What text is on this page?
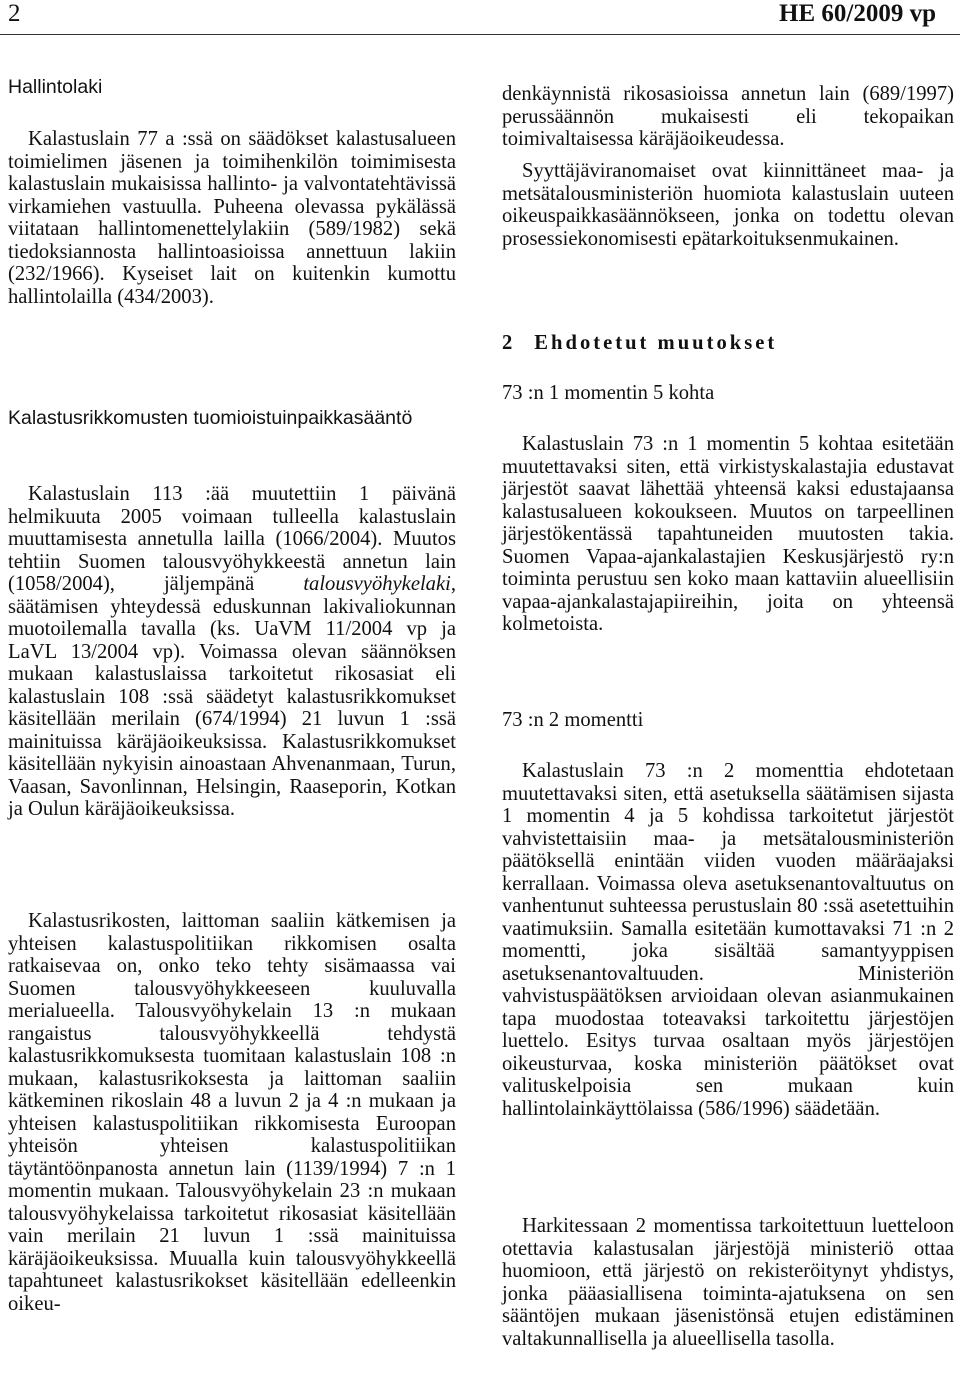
2	HE 60/2009 vp
Hallintolaki

Kalastuslain 77 a :ssä on säädökset kalastusalueen toimielimen jäsenen ja toimihenkilön toimimisesta kalastuslain mukaisissa hallinto- ja valvontatehtävissä virkamiehen vastuulla. Puheena olevassa pykälässä viitataan hallintomenettelylakiin (589/1982) sekä tiedoksiannosta hallintoasioissa annettuun lakiin (232/1966). Kyseiset lait on kuitenkin kumottu hallintolailla (434/2003).

Kalastusrikkomusten tuomioistuinpaikkasääntö

Kalastuslain 113 :ää muutettiin 1 päivänä helmikuuta 2005 voimaan tulleella kalastuslain muuttamisesta annetulla lailla (1066/2004). Muutos tehtiin Suomen talousvyöhykkeestä annetun lain (1058/2004), jäljempänä talousvyöhykelaki, säätämisen yhteydessä eduskunnan lakivaliokunnan muotoilemalla tavalla (ks. UaVM 11/2004 vp ja LaVL 13/2004 vp). Voimassa olevan säännöksen mukaan kalastuslaissa tarkoitetut rikosasiat eli kalastuslain 108 :ssä säädetyt kalastusrikkomukset käsitellään merilain (674/1994) 21 luvun 1 :ssä mainituissa käräjäoikeuksissa. Kalastusrikkomukset käsitellään nykyisin ainoastaan Ahvenanmaan, Turun, Vaasan, Savonlinnan, Helsingin, Raaseporin, Kotkan ja Oulun käräjäoikeuksissa.

Kalastusrikosten, laittoman saaliin kätkemisen ja yhteisen kalastuspolitiikan rikkomisen osalta ratkaisevaa on, onko teko tehty sisämaassa vai Suomen talousvyöhykkeeseen kuuluvalla merialueella. Talousvyöhykelain 13 :n mukaan rangaistus talousvyöhykkeellä tehdystä kalastusrikkomuksesta tuomitaan kalastuslain 108 :n mukaan, kalastusrikoksesta ja laittoman saaliin kätkeminen rikoslain 48 a luvun 2 ja 4 :n mukaan ja yhteisen kalastuspolitiikan rikkomisesta Euroopan yhteisön yhteisen kalastuspolitiikan täytäntöönpanosta annetun lain (1139/1994) 7 :n 1 momentin mukaan. Talousvyöhykelain 23 :n mukaan talousvyöhykelaissa tarkoitetut rikosasiat käsitellään vain merilain 21 luvun 1 :ssä mainituissa käräjäoikeuksissa. Muualla kuin talousvyöhykkeellä tapahtuneet kalastusrikokset käsitellään edelleenkin oikeu-

denkäynnistä rikosasioissa annetun lain (689/1997) perussäännön mukaisesti eli tekopaikan toimivaltaisessa käräjäoikeudessa.

Syyttäjäviranomaiset ovat kiinnittäneet maa- ja metsätalousministeriön huomiota kalastuslain uuteen oikeuspaikkasäännökseen, jonka on todettu olevan prosessiekonomisesti epätarkoituksenmukainen.

2 Ehdotetut muutokset
73 :n 1 momentin 5 kohta

Kalastuslain 73 :n 1 momentin 5 kohtaa esitetään muutettavaksi siten, että virkistyskalastajia edustavat järjestöt saavat lähettää yhteensä kaksi edustajaansa kalastusalueen kokoukseen. Muutos on tarpeellinen järjestökentässä tapahtuneiden muutosten takia. Suomen Vapaa-ajankalastajien Keskusjärjestö ry:n toiminta perustuu sen koko maan kattaviin alueellisiin vapaa-ajankalastajapiireihin, joita on yhteensä kolmetoista.

73 :n 2 momentti

Kalastuslain 73 :n 2 momenttia ehdotetaan muutettavaksi siten, että asetuksella säätämisen sijasta 1 momentin 4 ja 5 kohdissa tarkoitetut järjestöt vahvistettaisiin maa- ja metsätalousministeriön päätöksellä enintään viiden vuoden määräajaksi kerrallaan. Voimassa oleva asetuksenantovaltuutus on vanhentunut suhteessa perustuslain 80 :ssä asetettuihin vaatimuksiin. Samalla esitetään kumottavaksi 71 :n 2 momentti, joka sisältää samantyyppisen asetuksenantovaltuuden. Ministeriön vahvistuspäätöksen arvioidaan olevan asianmukainen tapa muodostaa toteavaksi tarkoitettu järjestöjen luettelo. Esitys turvaa osaltaan myös järjestöjen oikeusturvaa, koska ministeriön päätökset ovat valituskelpoisia sen mukaan kuin hallintolainkäyttölaissa (586/1996) säädetään.

Harkitessaan 2 momentissa tarkoitettuun luetteloon otettavia kalastusalan järjestöjä ministeriö ottaa huomioon, että järjestö on rekisteröitynyt yhdistys, jonka pääasiallisena toiminta-ajatuksena on sen sääntöjen mukaan jäsenistönsä etujen edistäminen valtakunnallisella ja alueellisella tasolla.
